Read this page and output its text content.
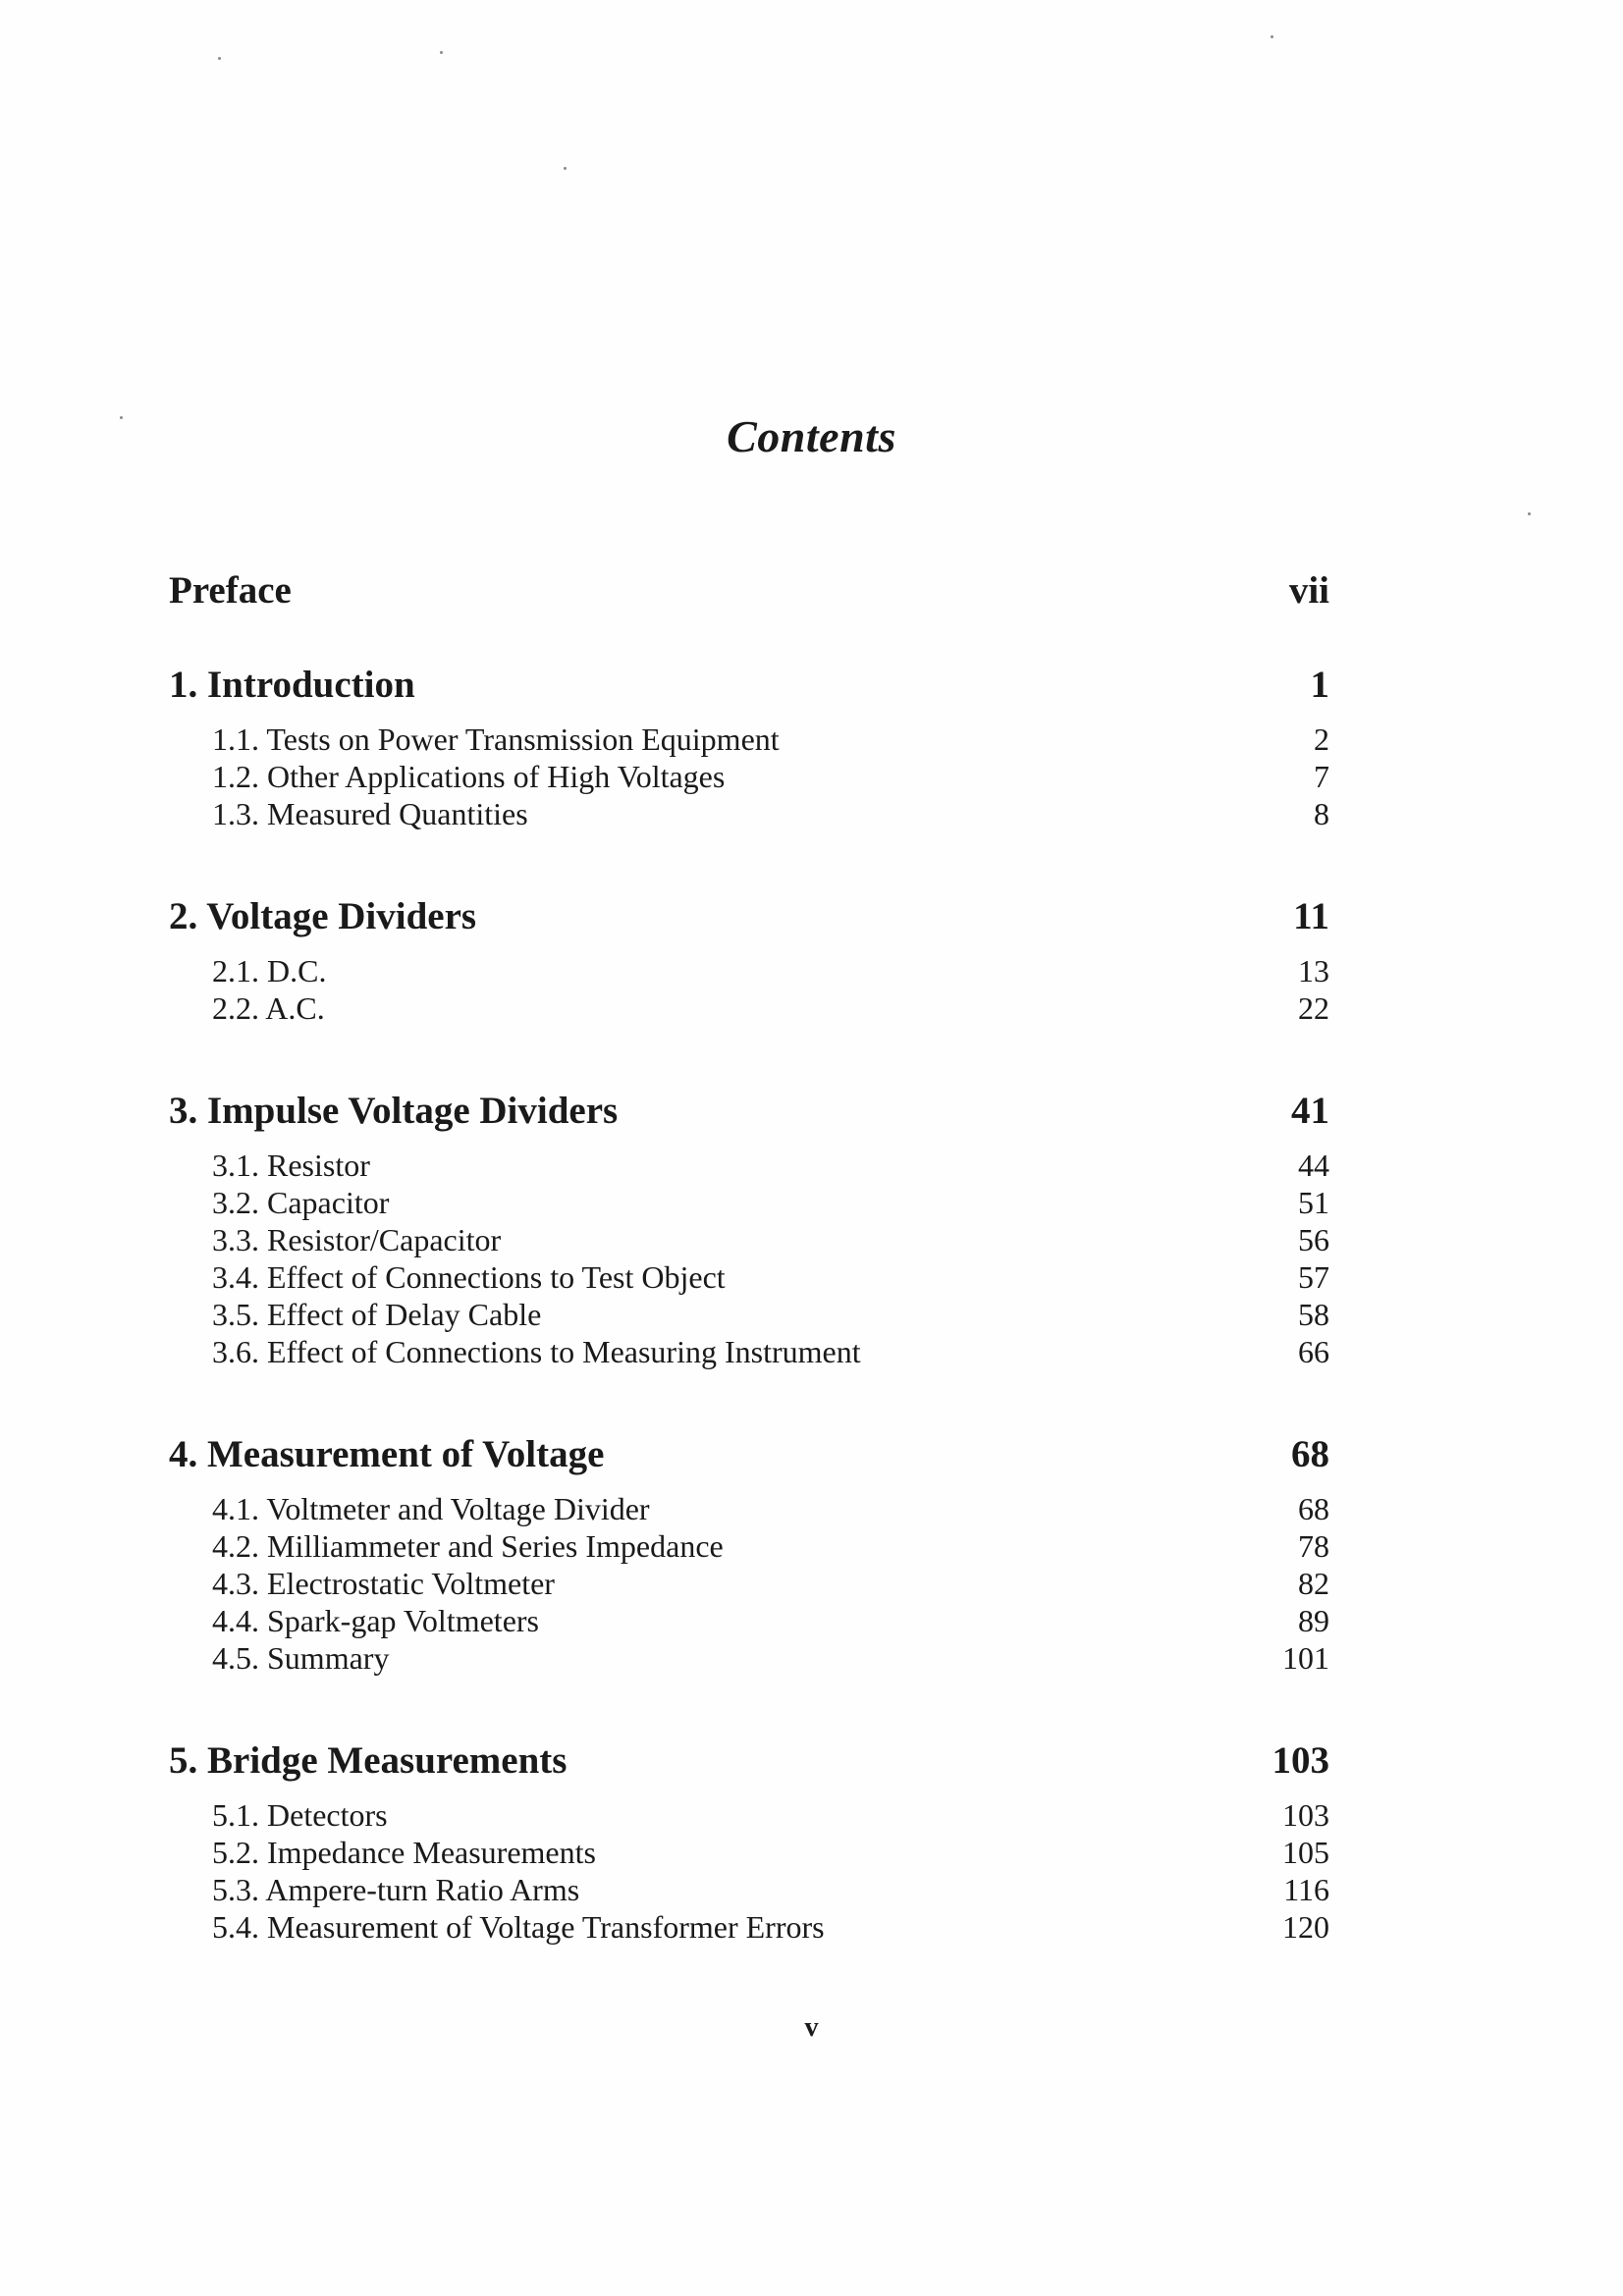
Contents
Preface	vii
1. Introduction	1
1.1. Tests on Power Transmission Equipment	2
1.2. Other Applications of High Voltages	7
1.3. Measured Quantities	8
2. Voltage Dividers	11
2.1. D.C.	13
2.2. A.C.	22
3. Impulse Voltage Dividers	41
3.1. Resistor	44
3.2. Capacitor	51
3.3. Resistor/Capacitor	56
3.4. Effect of Connections to Test Object	57
3.5. Effect of Delay Cable	58
3.6. Effect of Connections to Measuring Instrument	66
4. Measurement of Voltage	68
4.1. Voltmeter and Voltage Divider	68
4.2. Milliammeter and Series Impedance	78
4.3. Electrostatic Voltmeter	82
4.4. Spark-gap Voltmeters	89
4.5. Summary	101
5. Bridge Measurements	103
5.1. Detectors	103
5.2. Impedance Measurements	105
5.3. Ampere-turn Ratio Arms	116
5.4. Measurement of Voltage Transformer Errors	120
v
